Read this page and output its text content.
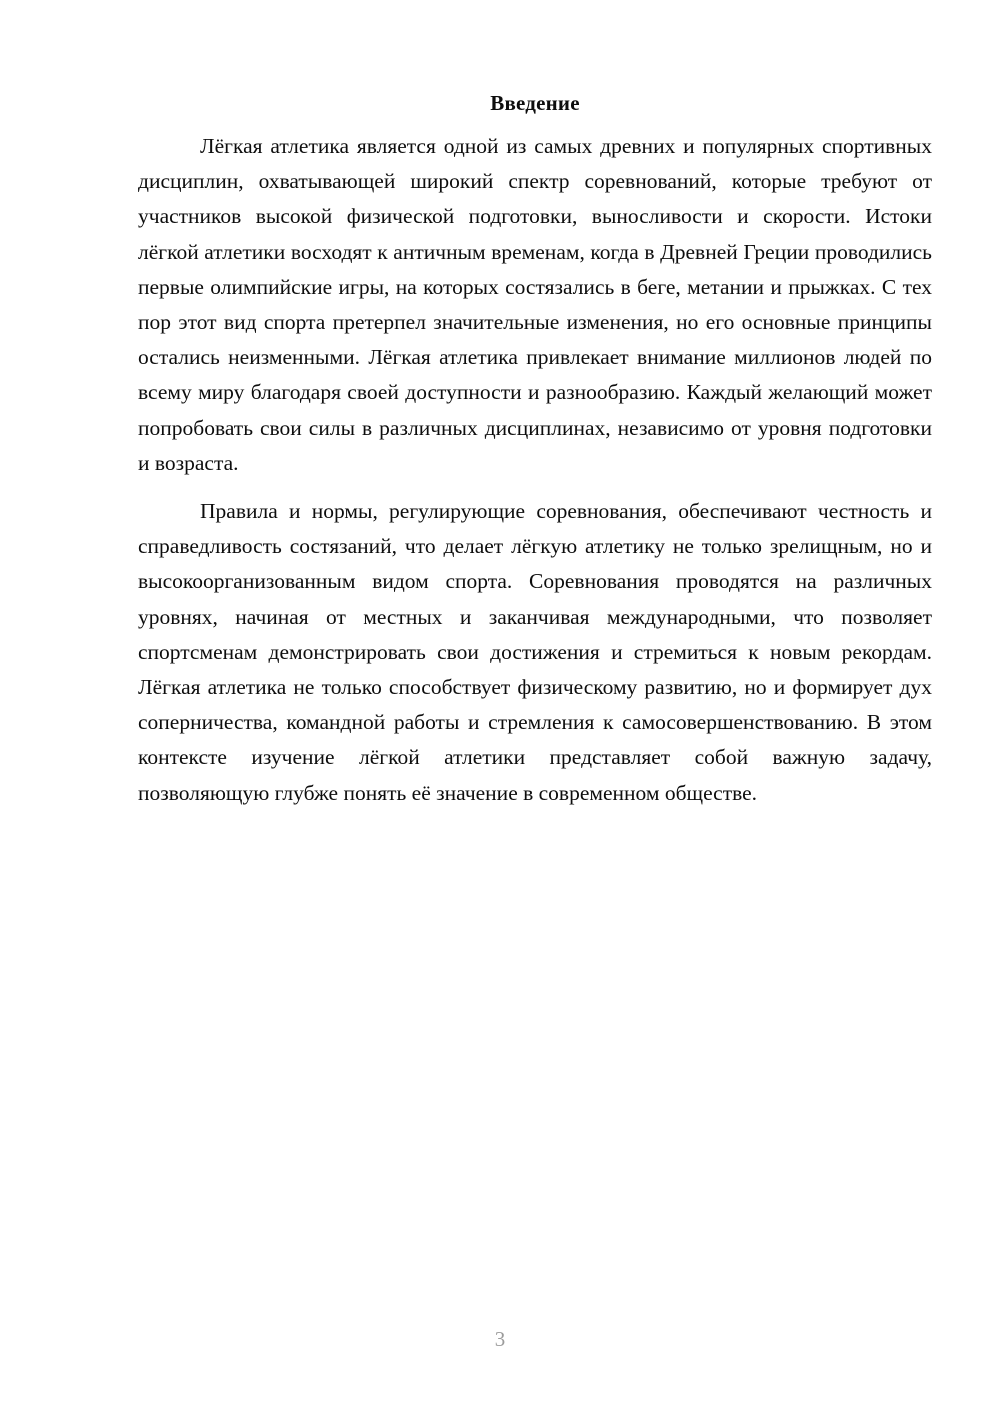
Введение

Лёгкая атлетика является одной из самых древних и популярных спортивных дисциплин, охватывающей широкий спектр соревнований, которые требуют от участников высокой физической подготовки, выносливости и скорости. Истоки лёгкой атлетики восходят к античным временам, когда в Древней Греции проводились первые олимпийские игры, на которых состязались в беге, метании и прыжках. С тех пор этот вид спорта претерпел значительные изменения, но его основные принципы остались неизменными. Лёгкая атлетика привлекает внимание миллионов людей по всему миру благодаря своей доступности и разнообразию. Каждый желающий может попробовать свои силы в различных дисциплинах, независимо от уровня подготовки и возраста.

Правила и нормы, регулирующие соревнования, обеспечивают честность и справедливость состязаний, что делает лёгкую атлетику не только зрелищным, но и высокоорганизованным видом спорта. Соревнования проводятся на различных уровнях, начиная от местных и заканчивая международными, что позволяет спортсменам демонстрировать свои достижения и стремиться к новым рекордам. Лёгкая атлетика не только способствует физическому развитию, но и формирует дух соперничества, командной работы и стремления к самосовершенствованию. В этом контексте изучение лёгкой атлетики представляет собой важную задачу, позволяющую глубже понять её значение в современном обществе.

3
